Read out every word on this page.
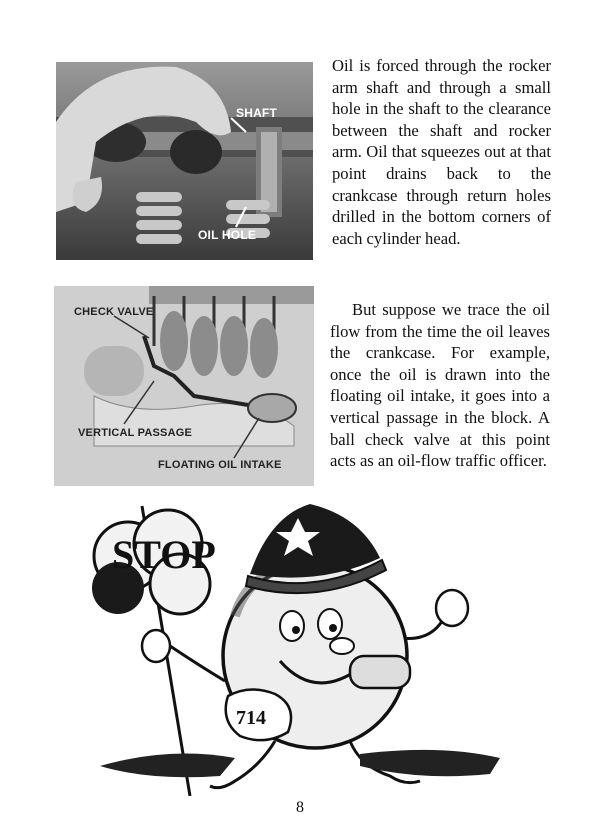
SHAFT
OIL HOLE

Oil is forced through the rocker arm shaft and through a small hole in the shaft to the clearance between the shaft and rocker arm. Oil that squeezes out at that point drains back to the crankcase through return holes drilled in the bottom corners of each cylinder head.

CHECK VALVE
VERTICAL PASSAGE
FLOATING OIL INTAKE

But suppose we trace the oil flow from the time the oil leaves the crankcase. For example, once the oil is drawn into the floating oil intake, it goes into a vertical passage in the block. A ball check valve at this point acts as an oil-flow traffic officer.

STOP
714
8
